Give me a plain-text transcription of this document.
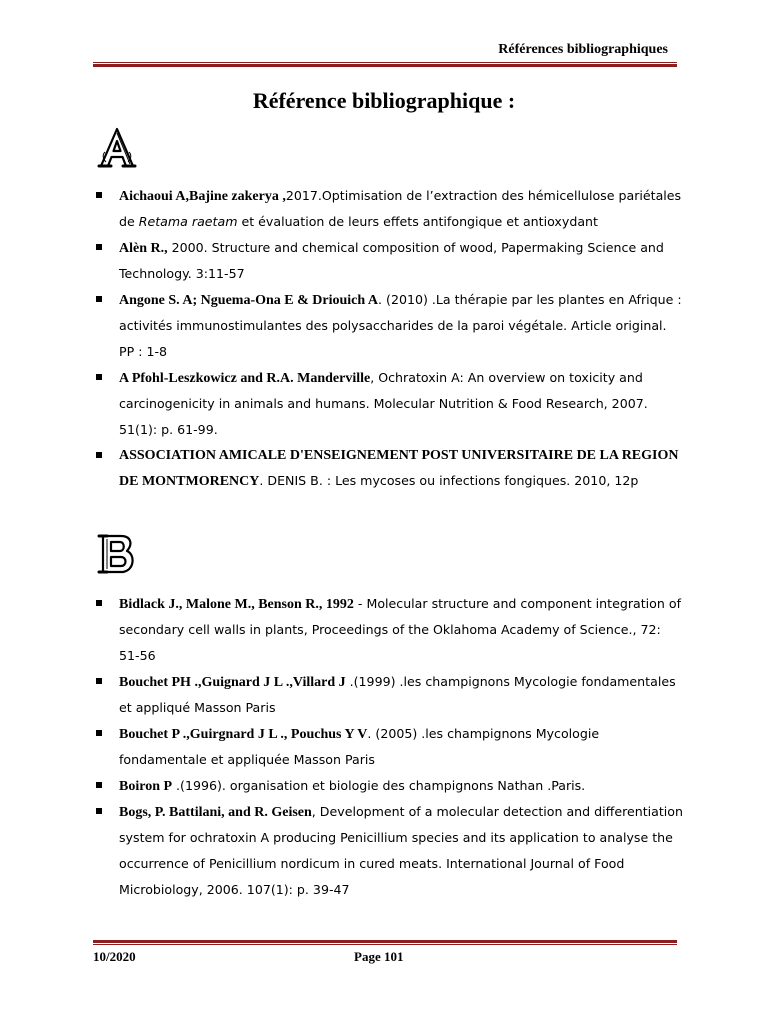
Références bibliographiques
Référence bibliographique :
Aichaoui A,Bajine zakerya ,2017.Optimisation de l’extraction des hémicellulose pariétales de Retama raetam et évaluation de leurs effets antifongique et antioxydant
Alèn R., 2000. Structure and chemical composition of wood, Papermaking Science and Technology. 3:11-57
Angone S. A; Nguema-Ona E & Driouich A. (2010) .La thérapie par les plantes en Afrique : activités immunostimulantes des polysaccharides de la paroi végétale. Article original. PP : 1-8
A Pfohl-Leszkowicz and R.A. Manderville, Ochratoxin A: An overview on toxicity and carcinogenicity in animals and humans. Molecular Nutrition & Food Research, 2007. 51(1): p. 61-99.
ASSOCIATION AMICALE D'ENSEIGNEMENT POST UNIVERSITAIRE DE LA REGION DE MONTMORENCY. DENIS B. : Les mycoses ou infections fongiques. 2010, 12p
Bidlack J., Malone M., Benson R., 1992 - Molecular structure and component integration of secondary cell walls in plants, Proceedings of the Oklahoma Academy of Science., 72: 51-56
Bouchet PH .,Guignard J L .,Villard J .(1999) .les champignons Mycologie fondamentales et appliqué Masson Paris
Bouchet P .,Guirgnard J L ., Pouchus Y V. (2005) .les champignons Mycologie fondamentale et appliquée Masson Paris
Boiron P .(1996). organisation et biologie des champignons Nathan .Paris.
Bogs, P. Battilani, and R. Geisen, Development of a molecular detection and differentiation system for ochratoxin A producing Penicillium species and its application to analyse the occurrence of Penicillium nordicum in cured meats. International Journal of Food Microbiology, 2006. 107(1): p. 39-47
10/2020	Page 101
